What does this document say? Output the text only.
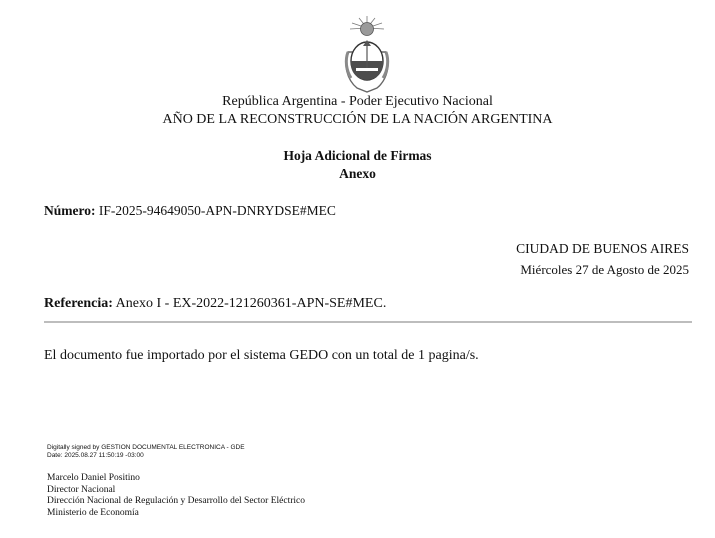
República Argentina - Poder Ejecutivo Nacional
AÑO DE LA RECONSTRUCCIÓN DE LA NACIÓN ARGENTINA
Hoja Adicional de Firmas
Anexo
Número: IF-2025-94649050-APN-DNRYDSE#MEC
CIUDAD DE BUENOS AIRES
Miércoles 27 de Agosto de 2025
Referencia: Anexo I - EX-2022-121260361-APN-SE#MEC.
El documento fue importado por el sistema GEDO con un total de 1 pagina/s.
Digitally signed by GESTION DOCUMENTAL ELECTRONICA - GDE
Date: 2025.08.27 11:50:19 -03:00
Marcelo Daniel Positino
Director Nacional
Dirección Nacional de Regulación y Desarrollo del Sector Eléctrico
Ministerio de Economía
